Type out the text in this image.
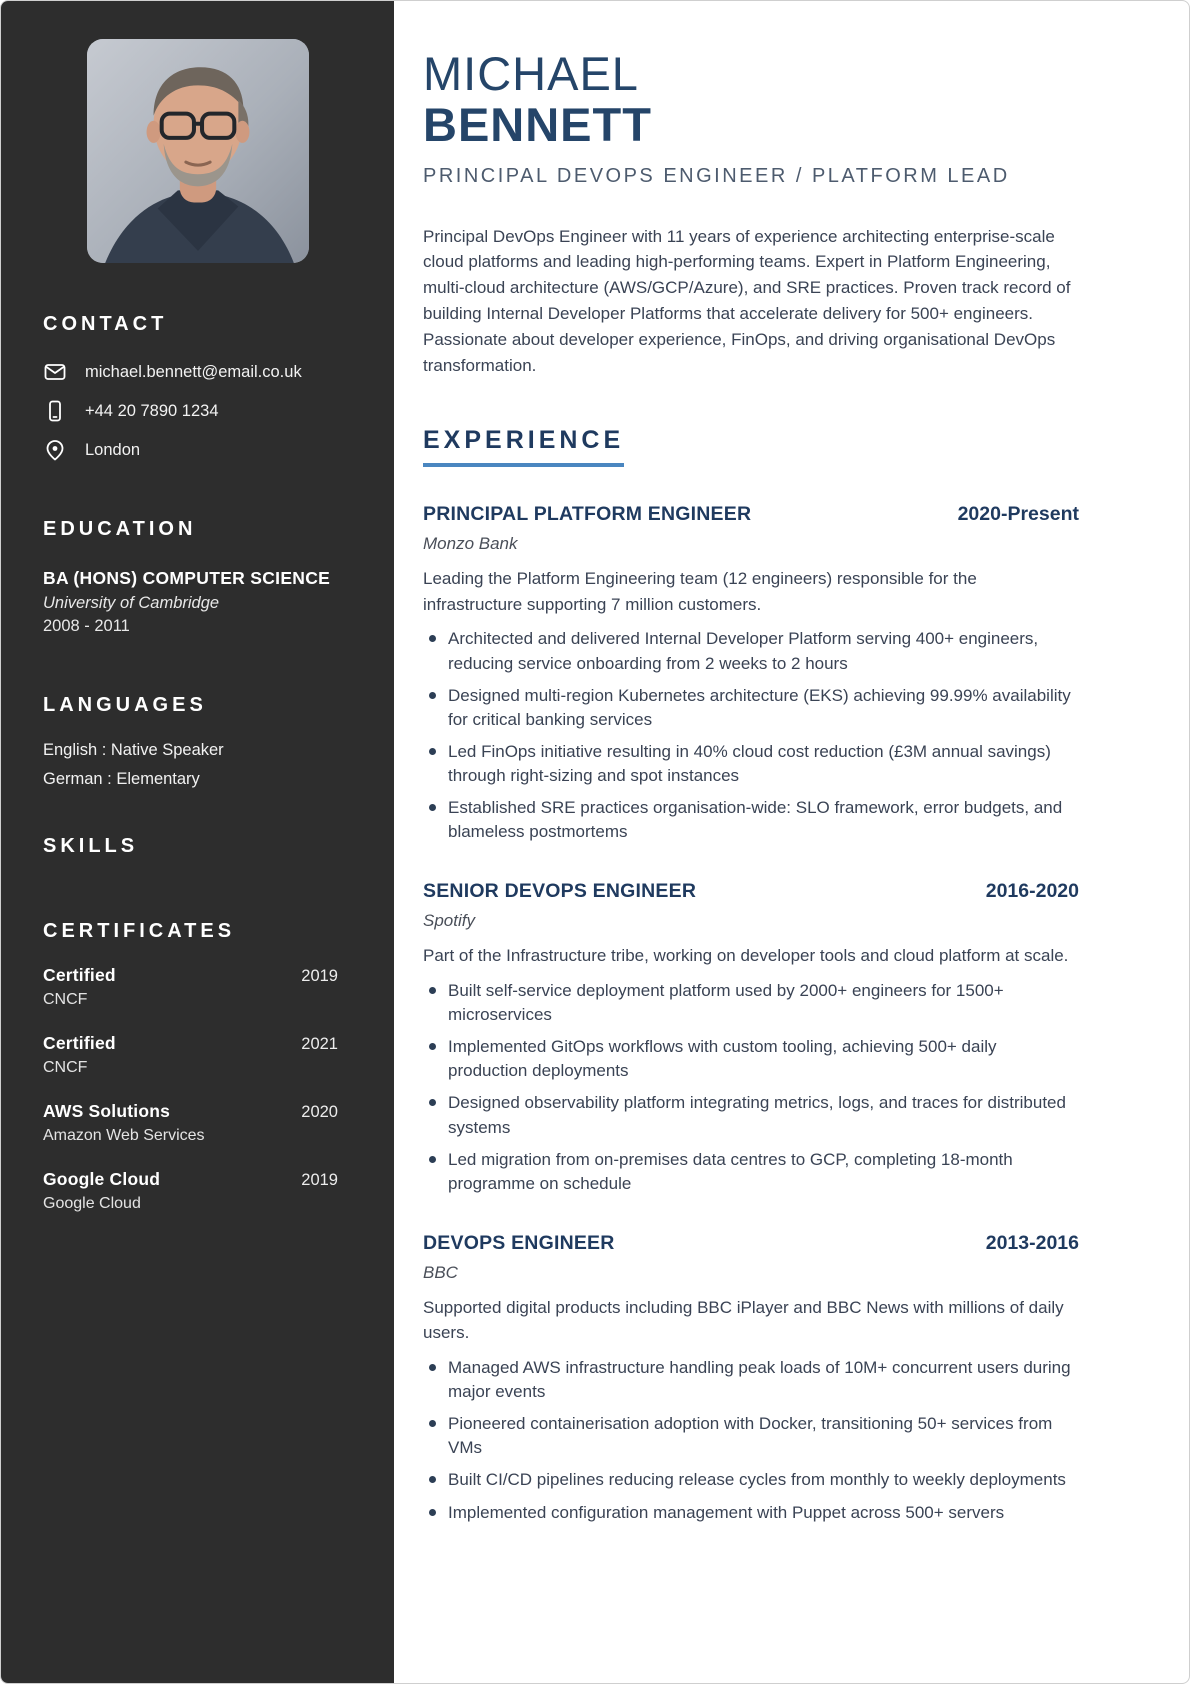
CONTACT
michael.bennett@email.co.uk
+44 20 7890 1234
London
EDUCATION
BA (HONS) COMPUTER SCIENCE
University of Cambridge
2008 - 2011
LANGUAGES
English : Native Speaker
German : Elementary
SKILLS
CERTIFICATES
Certified	2019
CNCF
Certified	2021
CNCF
AWS Solutions	2020
Amazon Web Services
Google Cloud	2019
Google Cloud
MICHAEL
BENNETT
PRINCIPAL DEVOPS ENGINEER / PLATFORM LEAD

Principal DevOps Engineer with 11 years of experience architecting enterprise-scale cloud platforms and leading high-performing teams. Expert in Platform Engineering, multi-cloud architecture (AWS/GCP/Azure), and SRE practices. Proven track record of building Internal Developer Platforms that accelerate delivery for 500+ engineers. Passionate about developer experience, FinOps, and driving organisational DevOps transformation.

EXPERIENCE
PRINCIPAL PLATFORM ENGINEER	2020-Present
Monzo Bank

Leading the Platform Engineering team (12 engineers) responsible for the infrastructure supporting 7 million customers.

Architected and delivered Internal Developer Platform serving 400+ engineers, reducing service onboarding from 2 weeks to 2 hours
Designed multi-region Kubernetes architecture (EKS) achieving 99.99% availability for critical banking services
Led FinOps initiative resulting in 40% cloud cost reduction (£3M annual savings) through right-sizing and spot instances
Established SRE practices organisation-wide: SLO framework, error budgets, and blameless postmortems
SENIOR DEVOPS ENGINEER	2016-2020
Spotify

Part of the Infrastructure tribe, working on developer tools and cloud platform at scale.

Built self-service deployment platform used by 2000+ engineers for 1500+ microservices
Implemented GitOps workflows with custom tooling, achieving 500+ daily production deployments
Designed observability platform integrating metrics, logs, and traces for distributed systems
Led migration from on-premises data centres to GCP, completing 18-month programme on schedule
DEVOPS ENGINEER	2013-2016
BBC

Supported digital products including BBC iPlayer and BBC News with millions of daily users.

Managed AWS infrastructure handling peak loads of 10M+ concurrent users during major events
Pioneered containerisation adoption with Docker, transitioning 50+ services from VMs
Built CI/CD pipelines reducing release cycles from monthly to weekly deployments
Implemented configuration management with Puppet across 500+ servers
